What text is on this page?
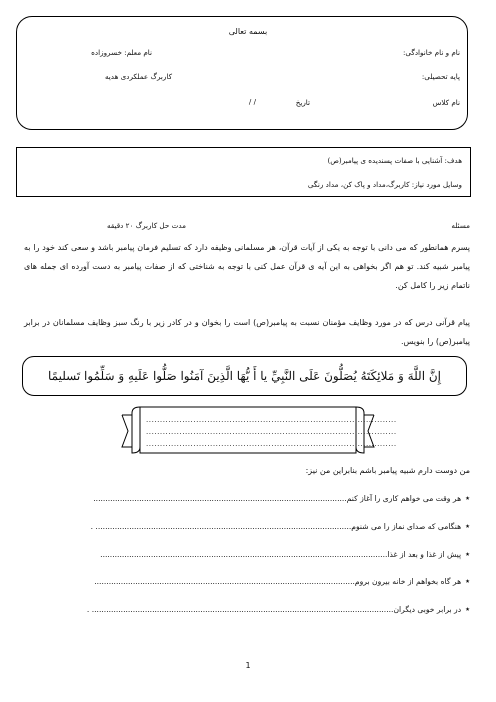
بسمه تعالی
نام و نام خانوادگی:
نام معلم: خسروزاده
پایه تحصیلی:
کاربرگ عملکردی هدیه
نام کلاس
تاریخ
/ /
هدف: آشنایی با صفات پسندیده ی پیامبر(ص)
وسایل مورد نیاز: کاربرگ،مداد و پاک کن، مداد رنگی
مسئله
مدت حل کاربرگ ۲۰ دقیقه
پسرم همانطور که می دانی با توجه به یکی از آیات قرآن، هر مسلمانی وظیفه دارد که تسلیم فرمان پیامبر باشد و سعی کند خود را به پیامبر شبیه کند. تو هم اگر بخواهی به این آیه ی قرآن عمل کنی با توجه به شناختی که از صفات پیامبر به دست آورده ای جمله های ناتمام زیر را کامل کن.
پیام قرآنی درس که در مورد وظایف مؤمنان نسبت به پیامبر(ص) است را بخوان و در کادر زیر با رنگ سبز وظایف مسلمانان در برابر پیامبر(ص) را بنویس.
إِنَّ اللَّهَ وَ مَلائِكَتَهُ يُصَلُّونَ عَلَى النَّبِيِّ يا أَ يُّهَا الَّذِينَ آمَنُوا صَلُّوا عَلَيهِ وَ سَلِّمُوا تَسليمًا
..........................................................................................
..........................................................................................
..........................................................................................
من دوست دارم شبیه پیامبر باشم بنابراین من نیز:
٭هر وقت می خواهم کاری را آغاز کنم.........................................................................................................
٭هنگامی که صدای نماز را می شنوم.......................................................................................................... .
٭پیش از غذا و بعد از غذا.......................................................................................................................
٭هر گاه بخواهم از خانه بیرون بروم............................................................................................................
٭در برابر خوبی دیگران............................................................................................................................. .
1
